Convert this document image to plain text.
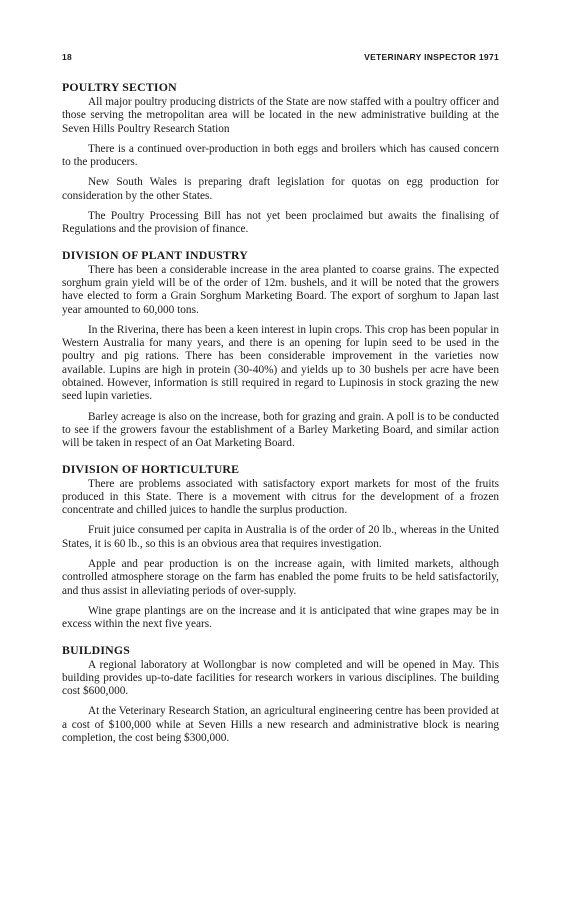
18	VETERINARY INSPECTOR 1971
POULTRY SECTION

All major poultry producing districts of the State are now staffed with a poultry officer and those serving the metropolitan area will be located in the new administrative building at the Seven Hills Poultry Research Station

There is a continued over-production in both eggs and broilers which has caused concern to the producers.

New South Wales is preparing draft legislation for quotas on egg production for consideration by the other States.

The Poultry Processing Bill has not yet been proclaimed but awaits the finalising of Regulations and the provision of finance.

DIVISION OF PLANT INDUSTRY

There has been a considerable increase in the area planted to coarse grains. The expected sorghum grain yield will be of the order of 12m. bushels, and it will be noted that the growers have elected to form a Grain Sorghum Marketing Board. The export of sorghum to Japan last year amounted to 60,000 tons.

In the Riverina, there has been a keen interest in lupin crops. This crop has been popular in Western Australia for many years, and there is an opening for lupin seed to be used in the poultry and pig rations. There has been considerable improvement in the varieties now available. Lupins are high in protein (30-40%) and yields up to 30 bushels per acre have been obtained. However, information is still required in regard to Lupinosis in stock grazing the new seed lupin varieties.

Barley acreage is also on the increase, both for grazing and grain. A poll is to be conducted to see if the growers favour the establishment of a Barley Marketing Board, and similar action will be taken in respect of an Oat Marketing Board.

DIVISION OF HORTICULTURE

There are problems associated with satisfactory export markets for most of the fruits produced in this State. There is a movement with citrus for the development of a frozen concentrate and chilled juices to handle the surplus production.

Fruit juice consumed per capita in Australia is of the order of 20 lb., whereas in the United States, it is 60 lb., so this is an obvious area that requires investigation.

Apple and pear production is on the increase again, with limited markets, although controlled atmosphere storage on the farm has enabled the pome fruits to be held satisfactorily, and thus assist in alleviating periods of over-supply.

Wine grape plantings are on the increase and it is anticipated that wine grapes may be in excess within the next five years.

BUILDINGS

A regional laboratory at Wollongbar is now completed and will be opened in May. This building provides up-to-date facilities for research workers in various disciplines. The building cost $600,000.

At the Veterinary Research Station, an agricultural engineering centre has been provided at a cost of $100,000 while at Seven Hills a new research and administrative block is nearing completion, the cost being $300,000.
